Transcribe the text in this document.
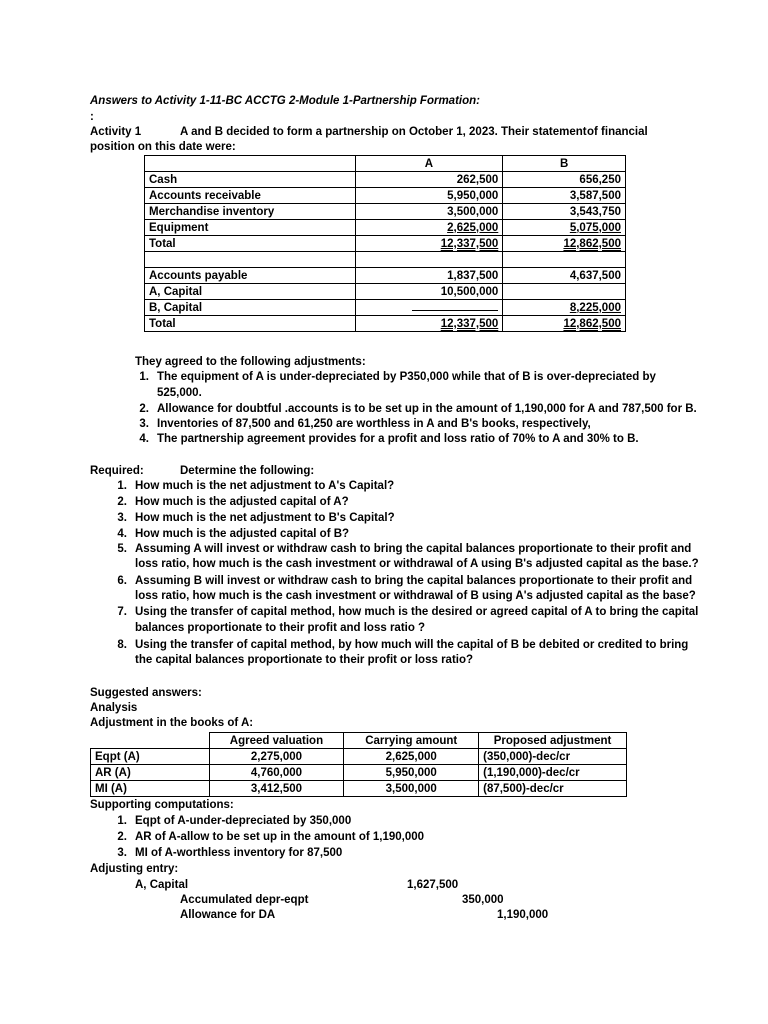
Answers to Activity 1-11-BC ACCTG 2-Module 1-Partnership Formation:
:
Activity 1	A and B decided to form a partnership on October 1, 2023. Their statement of financial
position on this date were:
	A	B
Cash	262,500	656,250
Accounts receivable	5,950,000	3,587,500
Merchandise inventory	3,500,000	3,543,750
Equipment	2,625,000	5,075,000
Total	12,337,500	12,862,500

Accounts payable	1,837,500	4,637,500
A, Capital	10,500,000	
B, Capital		8,225,000
Total	12,337,500	12,862,500
They agreed to the following adjustments:
1. The equipment of A is under-depreciated by P350,000 while that of B is over-depreciated by
525,000.
2. Allowance for doubtful .accounts is to be set up in the amount of 1,190,000 for A and 787,500 for B.
3. Inventories of 87,500 and 61,250 are worthless in A and B's books, respectively,
4. The partnership agreement provides for a profit and loss ratio of 70% to A and 30% to B.
Required:	Determine the following:
1. How much is the net adjustment to A's Capital?
2. How much is the adjusted capital of A?
3. How much is the net adjustment to B's Capital?
4. How much is the adjusted capital of B?
5. Assuming A will invest or withdraw cash to bring the capital balances proportionate to their profit and
loss ratio, how much is the cash investment or withdrawal of A using B's adjusted capital as the base.?
6. Assuming B will invest or withdraw cash to bring the capital balances proportionate to their profit and
loss ratio, how much is the cash investment or withdrawal of B using A's adjusted capital as the base?
7. Using the transfer of capital method, how much is the desired or agreed capital of A to bring the capital
balances proportionate to their profit and loss ratio ?
8. Using the transfer of capital method, by how much will the capital of B be debited or credited to bring
the capital balances proportionate to their profit or loss ratio?
Suggested answers:
Analysis
Adjustment in the books of A:
	Agreed valuation	Carrying amount	Proposed adjustment
Eqpt (A)	2,275,000	2,625,000	(350,000)-dec/cr
AR (A)	4,760,000	5,950,000	(1,190,000)-dec/cr
MI (A)	3,412,500	3,500,000	(87,500)-dec/cr
Supporting computations:
1. Eqpt of A-under-depreciated by 350,000
2. AR of A-allow to be set up in the amount of 1,190,000
3. MI of A-worthless inventory for 87,500
Adjusting entry:
A, Capital	1,627,500
Accumulated depr-eqpt	350,000
Allowance for DA	1,190,000
